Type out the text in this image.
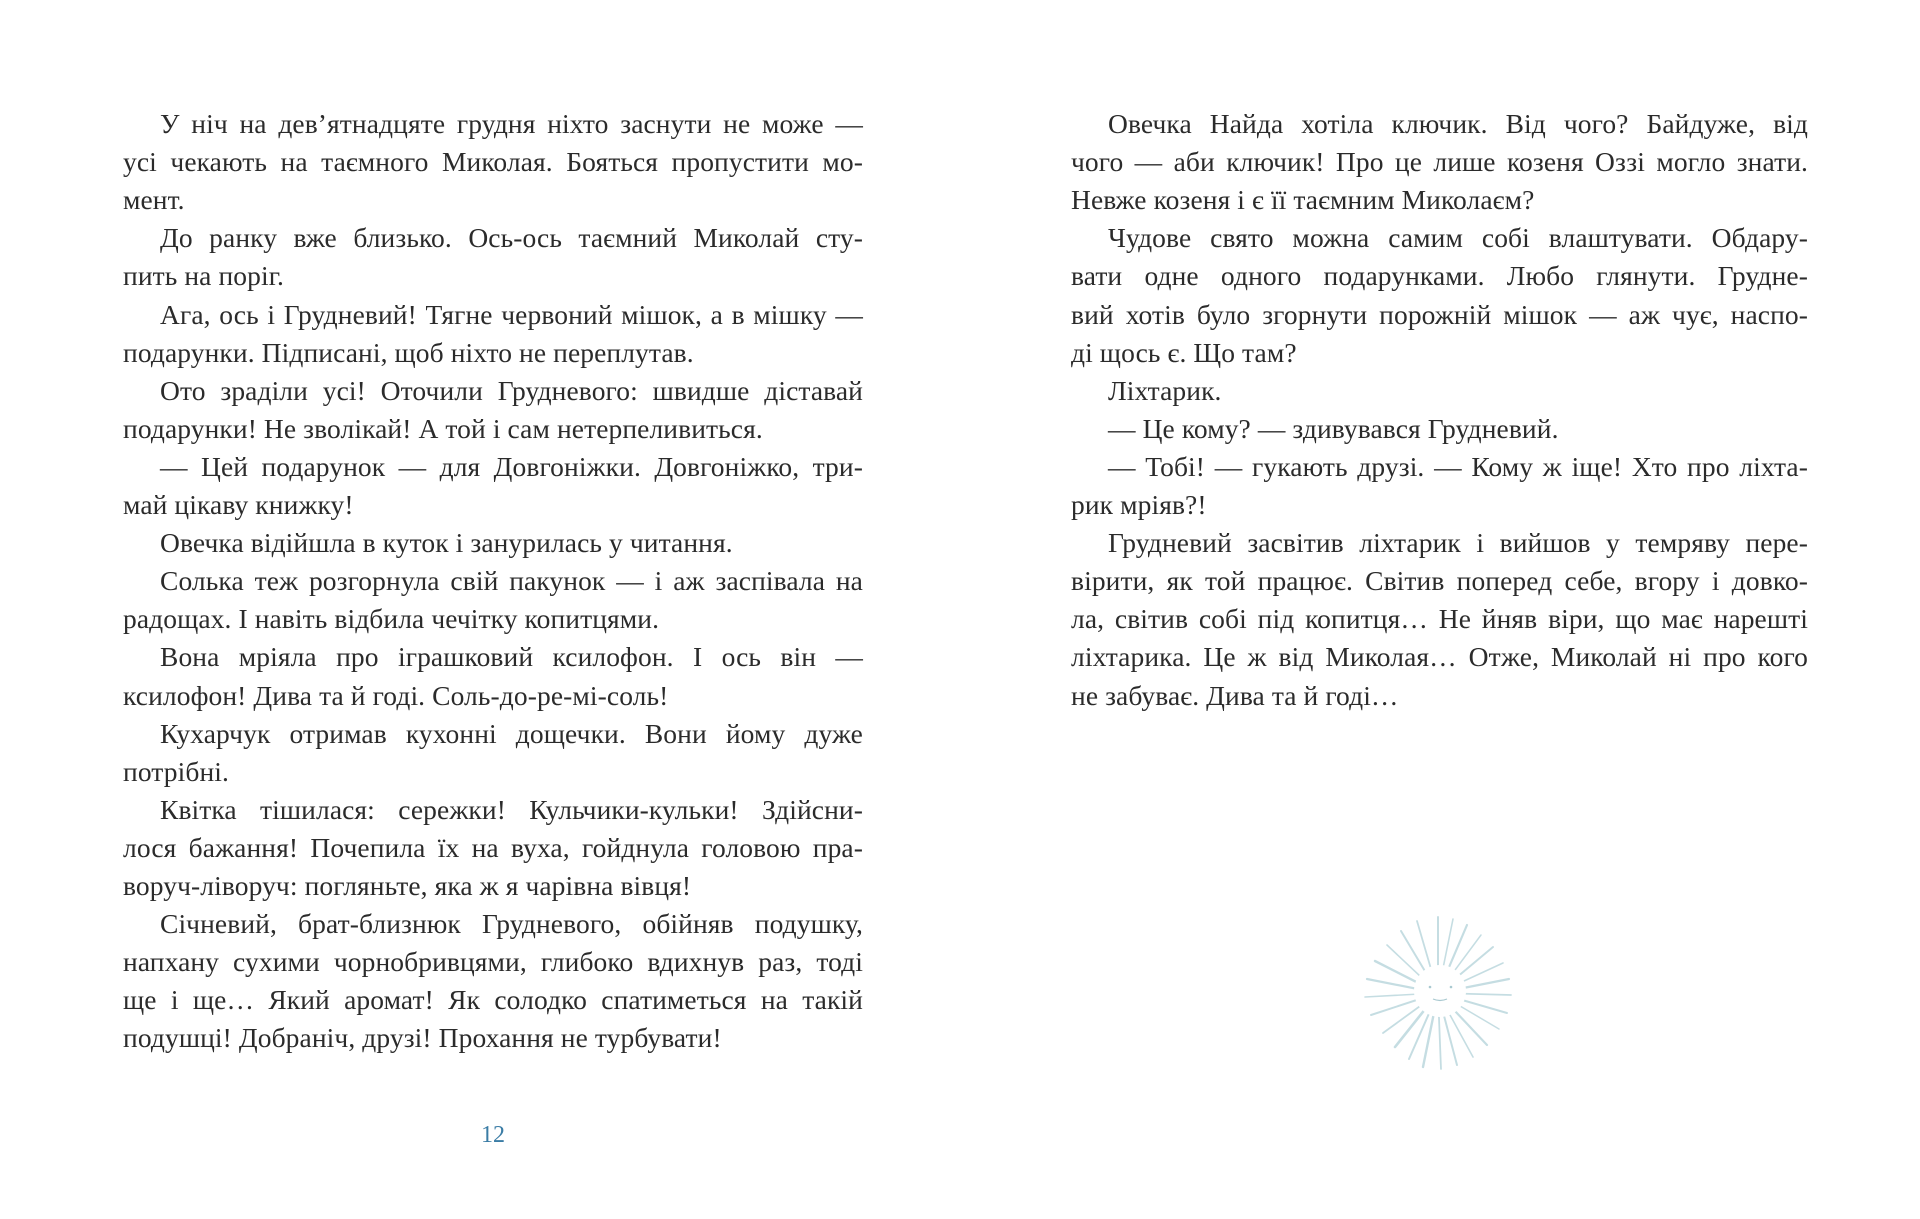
У ніч на дев’ятнадцяте грудня ніхто заснути не може —
усі чекають на таємного Миколая. Бояться пропустити мо-
мент.
До ранку вже близько. Ось-ось таємний Миколай сту-
пить на поріг.
Ага, ось і Грудневий! Тягне червоний мішок, а в мішку —
подарунки. Підписані, щоб ніхто не переплутав.
Ото зраділи усі! Оточили Грудневого: швидше діставай
подарунки! Не зволікай! А той і сам нетерпеливиться.
— Цей подарунок — для Довгоніжки. Довгоніжко, три-
май цікаву книжку!
Овечка відійшла в куток і занурилась у читання.
Солька теж розгорнула свій пакунок — і аж заспівала на
радощах. І навіть відбила чечітку копитцями.
Вона мріяла про іграшковий ксилофон. І ось він —
ксилофон! Дива та й годі. Соль-до-ре-мі-соль!
Кухарчук отримав кухонні дощечки. Вони йому дуже
потрібні.
Квітка тішилася: сережки! Кульчики-кульки! Здійсни-
лося бажання! Почепила їх на вуха, гойднула головою пра-
воруч-ліворуч: погляньте, яка ж я чарівна вівця!
Січневий, брат-близнюк Грудневого, обійняв подушку,
напхану сухими чорнобривцями, глибоко вдихнув раз, тоді
ще і ще… Який аромат! Як солодко спатиметься на такій
подушці! Добраніч, друзі! Прохання не турбувати!
12
Овечка Найда хотіла ключик. Від чого? Байдуже, від
чого — аби ключик! Про це лише козеня Оззі могло знати.
Невже козеня і є її таємним Миколаєм?
Чудове свято можна самим собі влаштувати. Обдару-
вати одне одного подарунками. Любо глянути. Грудне-
вий хотів було згорнути порожній мішок — аж чує, наспо-
ді щось є. Що там?
Ліхтарик.
— Це кому? — здивувався Грудневий.
— Тобі! — гукають друзі. — Кому ж іще! Хто про ліхта-
рик мріяв?!
Грудневий засвітив ліхтарик і вийшов у темряву пере-
вірити, як той працює. Світив поперед себе, вгору і довко-
ла, світив собі під копитця… Не йняв віри, що має нарешті
ліхтарика. Це ж від Миколая… Отже, Миколай ні про кого
не забуває. Дива та й годі…
